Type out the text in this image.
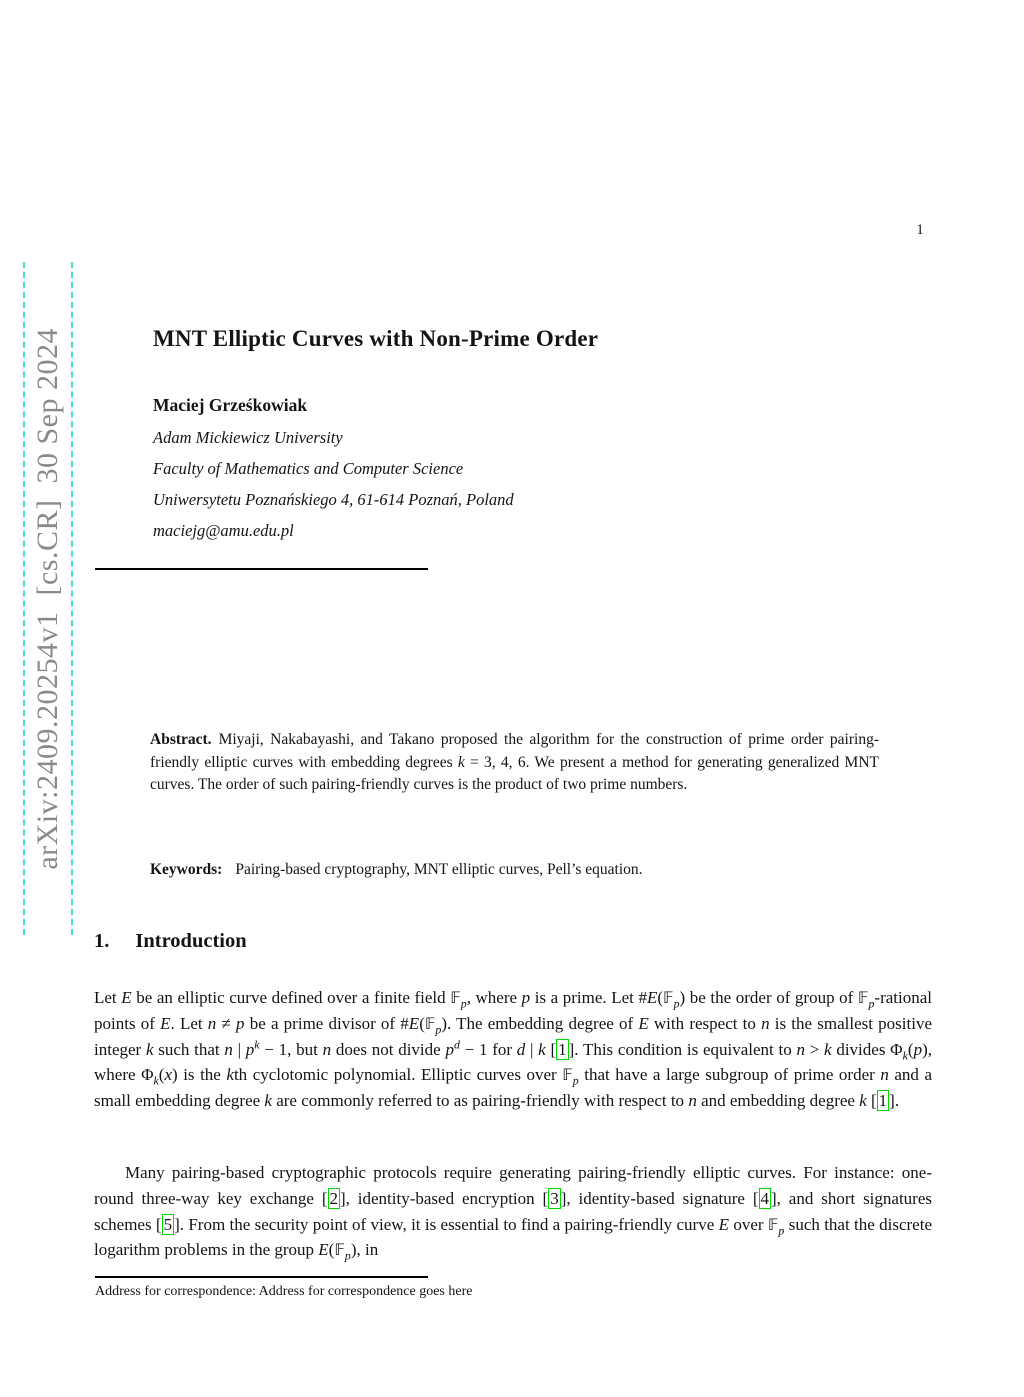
arXiv:2409.20254v1  [cs.CR]  30 Sep 2024
1
MNT Elliptic Curves with Non-Prime Order
Maciej Grześkowiak
Adam Mickiewicz University
Faculty of Mathematics and Computer Science
Uniwersytetu Poznańskiego 4, 61-614 Poznań, Poland
maciejg@amu.edu.pl

Abstract. Miyaji, Nakabayashi, and Takano proposed the algorithm for the construction of prime order pairing-friendly elliptic curves with embedding degrees k = 3, 4, 6. We present a method for generating generalized MNT curves. The order of such pairing-friendly curves is the product of two prime numbers.

Keywords: Pairing-based cryptography, MNT elliptic curves, Pell’s equation.

1. Introduction

Let E be an elliptic curve defined over a finite field 𝔽$_p$, where p is a prime. Let #E(𝔽$_p$) be the order of group of 𝔽$_p$-rational points of E. Let n ≠ p be a prime divisor of #E(𝔽$_p$). The embedding degree of E with respect to n is the smallest positive integer k such that n | $p^k - 1$, but n does not divide $p^d - 1$ for d | k [ 1 ]. This condition is equivalent to n > k divides $\Phi_k(p)$, where $\Phi_k(x)$ is the kth cyclotomic polynomial. Elliptic curves over 𝔽$_p$ that have a large subgroup of prime order n and a small embedding degree k are commonly referred to as pairing-friendly with respect to n and embedding degree k [ 1 ].

Many pairing-based cryptographic protocols require generating pairing-friendly elliptic curves. For instance: one-round three-way key exchange [ 2 ], identity-based encryption [ 3 ], identity-based signature [ 4 ], and short signatures schemes [ 5 ]. From the security point of view, it is essential to find a pairing-friendly curve E over 𝔽$_p$ such that the discrete logarithm problems in the group E(𝔽$_p$), in

Address for correspondence: Address for correspondence goes here
